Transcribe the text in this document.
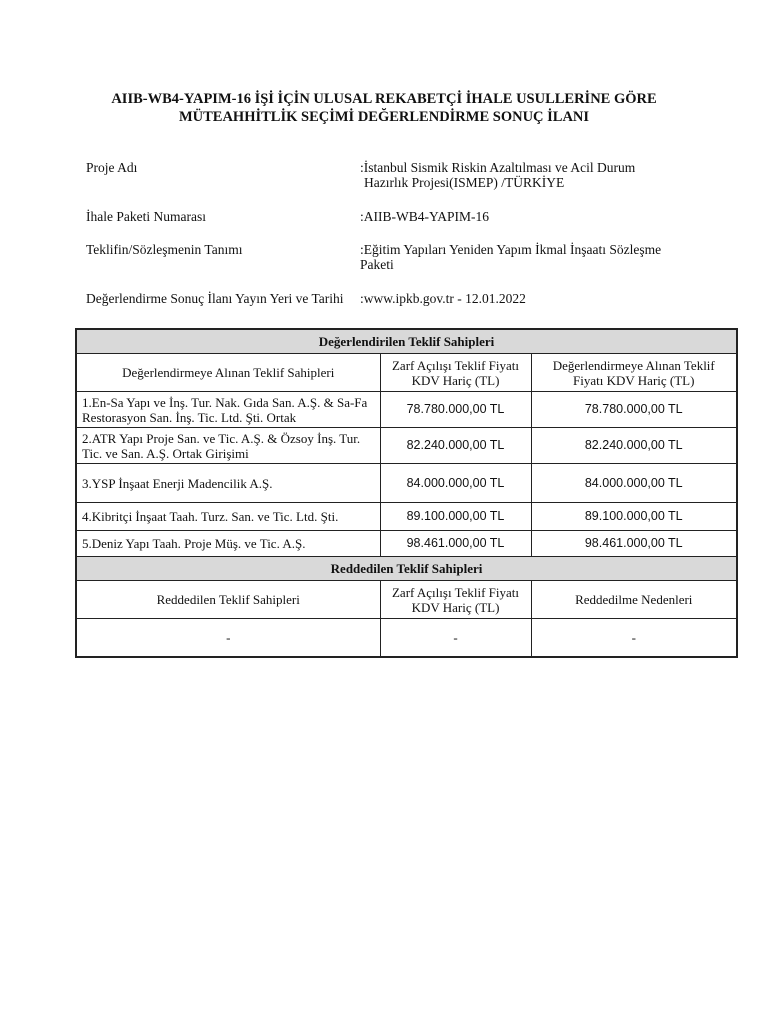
AIIB-WB4-YAPIM-16 İŞİ İÇİN ULUSAL REKABETÇİ İHALE USULLERİNE GÖRE
MÜTEAHHİTLİK SEÇİMİ DEĞERLENDİRME SONUÇ İLANI
Proje Adı	:İstanbul Sismik Riskin Azaltılması ve Acil Durum
Hazırlık Projesi(ISMEP) /TÜRKİYE
İhale Paketi Numarası	:AIIB-WB4-YAPIM-16
Teklifin/Sözleşmenin Tanımı	:Eğitim Yapıları Yeniden Yapım İkmal İnşaatı Sözleşme
Paketi
Değerlendirme Sonuç İlanı Yayın Yeri ve Tarihi	:www.ipkb.gov.tr - 12.01.2022
Değerlendirilen Teklif Sahipleri		
Değerlendirmeye Alınan Teklif Sahipleri	Zarf Açılışı Teklif Fiyatı KDV Hariç (TL)	Değerlendirmeye Alınan Teklif Fiyatı KDV Hariç (TL)
1.En-Sa Yapı ve İnş. Tur. Nak. Gıda San. A.Ş. & Sa-Fa Restorasyon San. İnş. Tic. Ltd. Şti. Ortak	78.780.000,00 TL	78.780.000,00 TL
2.ATR Yapı Proje San. ve Tic. A.Ş. & Özsoy İnş. Tur. Tic. ve San. A.Ş. Ortak Girişimi	82.240.000,00 TL	82.240.000,00 TL
3.YSP İnşaat Enerji Madencilik A.Ş.	84.000.000,00 TL	84.000.000,00 TL
4.Kibritçi İnşaat Taah. Turz. San. ve Tic. Ltd. Şti.	89.100.000,00 TL	89.100.000,00 TL
5.Deniz Yapı Taah. Proje Müş. ve Tic. A.Ş.	98.461.000,00 TL	98.461.000,00 TL
Reddedilen Teklif Sahipleri		
Reddedilen Teklif Sahipleri	Zarf Açılışı Teklif Fiyatı KDV Hariç (TL)	Reddedilme Nedenleri
-	-	-
